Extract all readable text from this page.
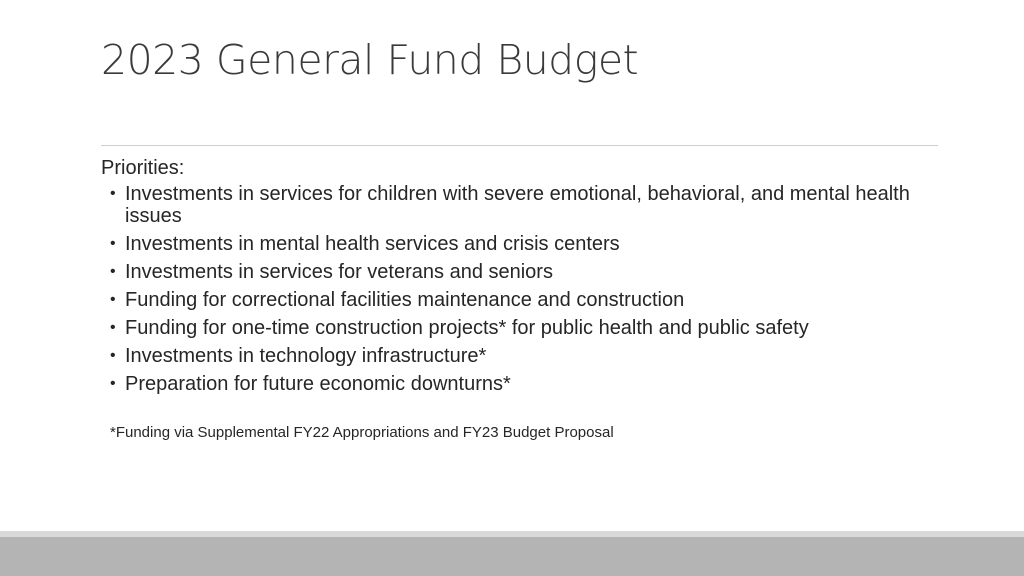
2023 General Fund Budget
Priorities:
• Investments in services for children with severe emotional, behavioral, and mental health issues
• Investments in mental health services and crisis centers
• Investments in services for veterans and seniors
• Funding for correctional facilities maintenance and construction
• Funding for one-time construction projects* for public health and public safety
• Investments in technology infrastructure*
• Preparation for future economic downturns*
*Funding via Supplemental FY22 Appropriations and FY23 Budget Proposal
